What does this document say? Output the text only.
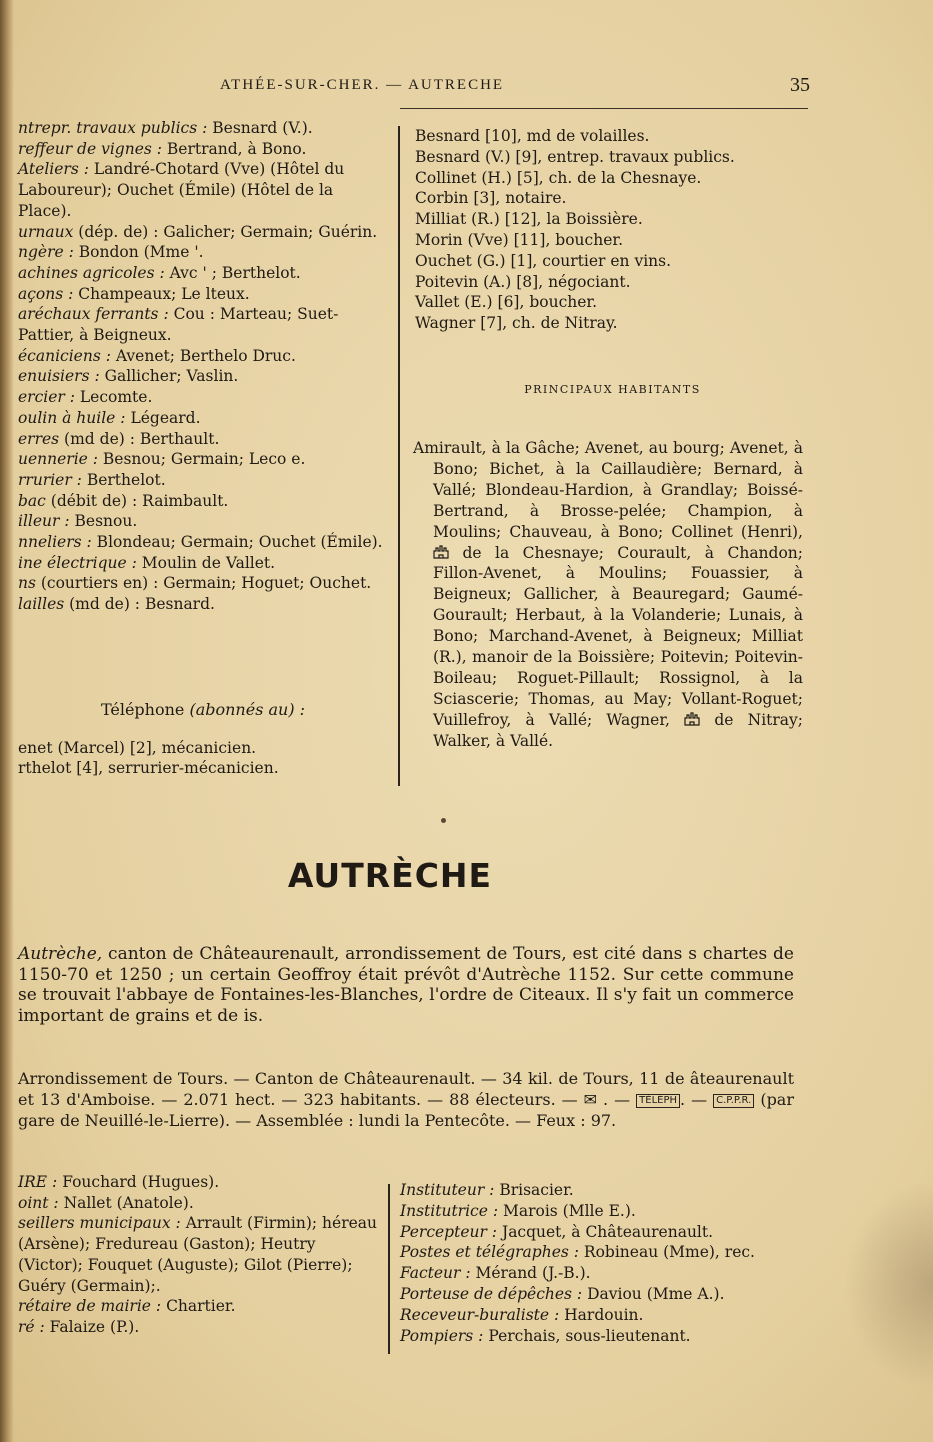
ATHÉE-SUR-CHER. — AUTRECHE	35

ntrepr. travaux publics : Besnard (V.).

reffeur de vignes : Bertrand, à Bono.

Ateliers : Landré-Chotard (Vve) (Hôtel du Laboureur); Ouchet (Émile) (Hôtel de la Place).

urnaux (dép. de) : Galicher; Germain; Guérin.

ngère : Bondon (Mme '.

achines agricoles : Avc ' ; Berthelot.

açons : Champeaux; Le lteux.

aréchaux ferrants : Cou : Marteau; Suet-Pattier, à Beigneux.

écaniciens : Avenet; Berthelo Druc.

enuisiers : Gallicher; Vaslin.

ercier : Lecomte.

oulin à huile : Légeard.

erres (md de) : Berthault.

uennerie : Besnou; Germain; Leco e.

rrurier : Berthelot.

bac (débit de) : Raimbault.

illeur : Besnou.

nneliers : Blondeau; Germain; Ouchet (Émile).

ine électrique : Moulin de Vallet.

ns (courtiers en) : Germain; Hoguet; Ouchet.

lailles (md de) : Besnard.

Téléphone (abonnés au) :

enet (Marcel) [2], mécanicien.

rthelot [4], serrurier-mécanicien.

Besnard [10], md de volailles.

Besnard (V.) [9], entrep. travaux publics.

Collinet (H.) [5], ch. de la Chesnaye.

Corbin [3], notaire.

Milliat (R.) [12], la Boissière.

Morin (Vve) [11], boucher.

Ouchet (G.) [1], courtier en vins.

Poitevin (A.) [8], négociant.

Vallet (E.) [6], boucher.

Wagner [7], ch. de Nitray.

PRINCIPAUX HABITANTS

Amirault, à la Gâche; Avenet, au bourg; Avenet, à Bono; Bichet, à la Caillaudière; Bernard, à Vallé; Blondeau-Hardion, à Grandlay; Boissé-Bertrand, à Brosse-pelée; Champion, à Moulins; Chauveau, à Bono; Collinet (Henri),  de la Chesnaye; Courault, à Chandon; Fillon-Avenet, à Moulins; Fouassier, à Beigneux; Gallicher, à Beauregard; Gaumé-Gourault; Herbaut, à la Volanderie; Lunais, à Bono; Marchand-Avenet, à Beigneux; Milliat (R.), manoir de la Boissière; Poitevin; Poitevin-Boileau; Roguet-Pillault; Rossignol, à la Sciascerie; Thomas, au May; Vollant-Roguet; Vuillefroy, à Vallé; Wagner,  de Nitray; Walker, à Vallé.

AUTRÈCHE
Autrèche, canton de Châteaurenault, arrondissement de Tours, est cité dans s chartes de 1150-70 et 1250 ; un certain Geoffroy était prévôt d'Autrèche 1152. Sur cette commune se trouvait l'abbaye de Fontaines-les-Blanches, l'ordre de Citeaux. Il s'y fait un commerce important de grains et de is.
Arrondissement de Tours. — Canton de Châteaurenault. — 34 kil. de Tours, 11 de âteaurenault et 13 d'Amboise. — 2.071 hect. — 323 habitants. — 88 électeurs. — ✉ . — TÉLÉPH . — C.P.P.R. (par gare de Neuillé-le-Lierre). — Assemblée : lundi la Pentecôte. — Feux : 97.

IRE : Fouchard (Hugues).

oint : Nallet (Anatole).

seillers municipaux : Arrault (Firmin); héreau (Arsène); Fredureau (Gaston); Heutry (Victor); Fouquet (Auguste); Gilot (Pierre); Guéry (Germain);.

rétaire de mairie : Chartier.

ré : Falaize (P.).

Instituteur : Brisacier.

Institutrice : Marois (Mlle E.).

Percepteur : Jacquet, à Châteaurenault.

Postes et télégraphes : Robineau (Mme), rec.

Facteur : Mérand (J.-B.).

Porteuse de dépêches : Daviou (Mme A.).

Receveur-buraliste : Hardouin.

Pompiers : Perchais, sous-lieutenant.
